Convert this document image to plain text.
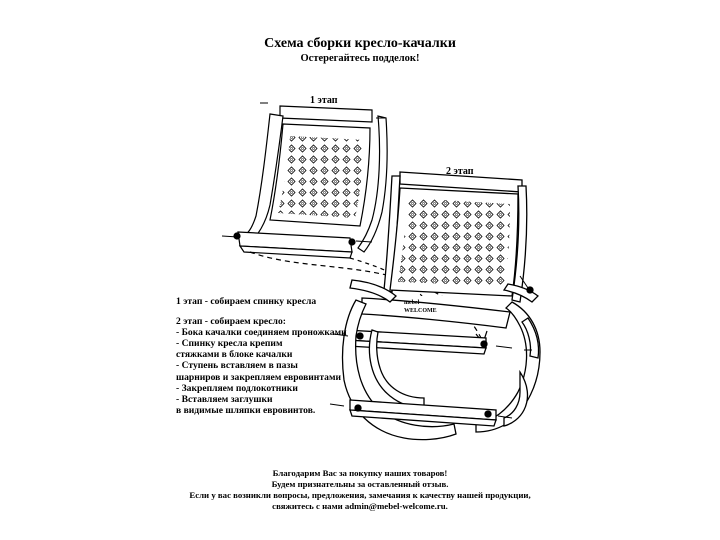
Схема сборки кресло-качалки
Остерегайтесь подделок!
mebel
WELCOME
1 этап
2 этап
1 этап - собираем спинку кресла
2 этап - собираем кресло:
- Бока качалки соединяем проножками
- Спинку кресла крепим
стяжками в блоке качалки
- Ступень вставляем в пазы
шарниров и закрепляем евровинтами
- Закрепляем подлокотники
- Вставляем заглушки
в видимые шляпки евровинтов.
Благодарим Вас за покупку наших товаров!
Будем признательны за оставленный отзыв.
Если у вас возникли вопросы, предложения, замечания к качеству нашей продукции,
свяжитесь с нами admin@mebel-welcome.ru.
